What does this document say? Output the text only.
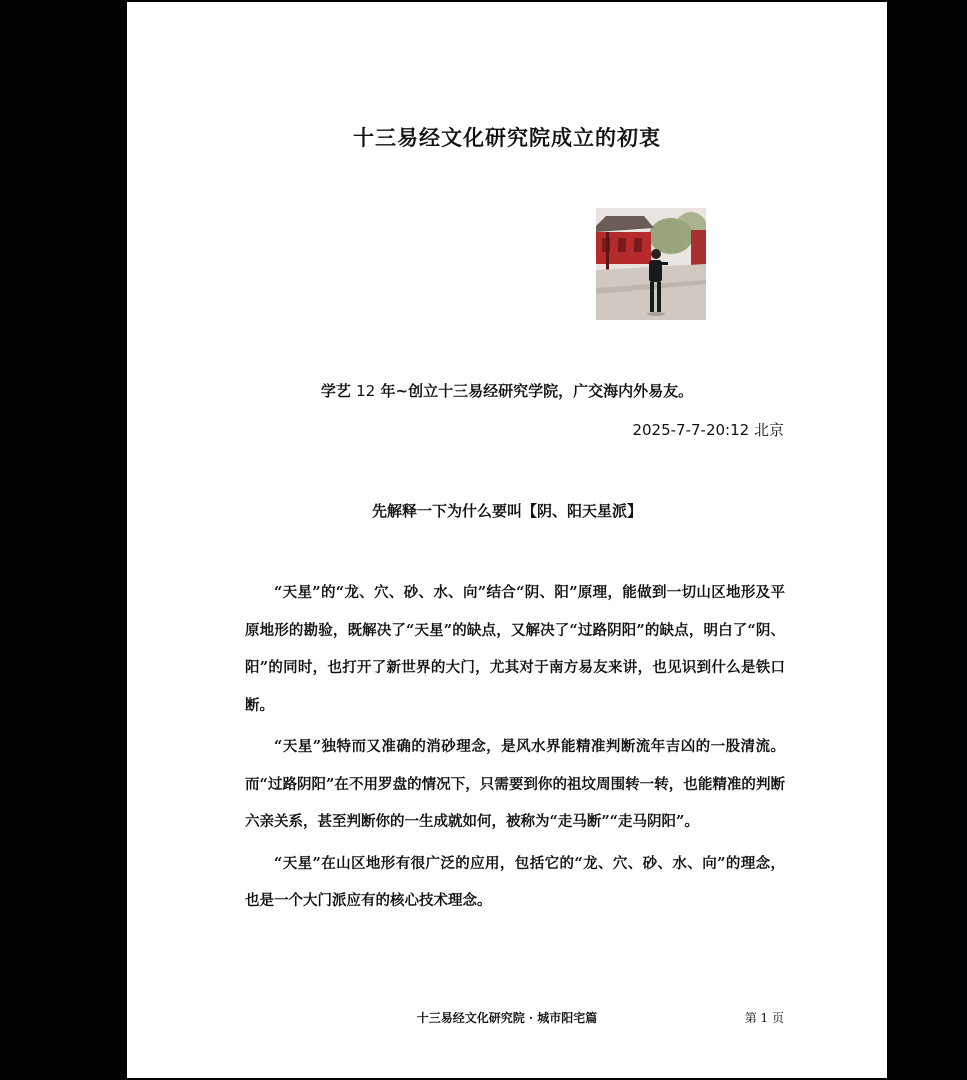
十三易经文化研究院成立的初衷
学艺 12 年~创立十三易经研究学院，广交海内外易友。
2025-7-7-20:12 北京
先解释一下为什么要叫【阴、阳天星派】

“天星”的“龙、穴、砂、水、向”结合“阴、阳”原理，能做到一切山区地形及平原地形的勘验，既解决了“天星”的缺点，又解决了“过路阴阳”的缺点，明白了“阴、阳”的同时，也打开了新世界的大门，尤其对于南方易友来讲，也见识到什么是铁口断。

“天星”独特而又准确的消砂理念，是风水界能精准判断流年吉凶的一股清流。而“过路阴阳”在不用罗盘的情况下，只需要到你的祖坟周围转一转，也能精准的判断六亲关系，甚至判断你的一生成就如何，被称为“走马断”“走马阴阳”。

“天星”在山区地形有很广泛的应用，包括它的“龙、穴、砂、水、向”的理念，也是一个大门派应有的核心技术理念。

十三易经文化研究院 · 城市阳宅篇	第 1 页
